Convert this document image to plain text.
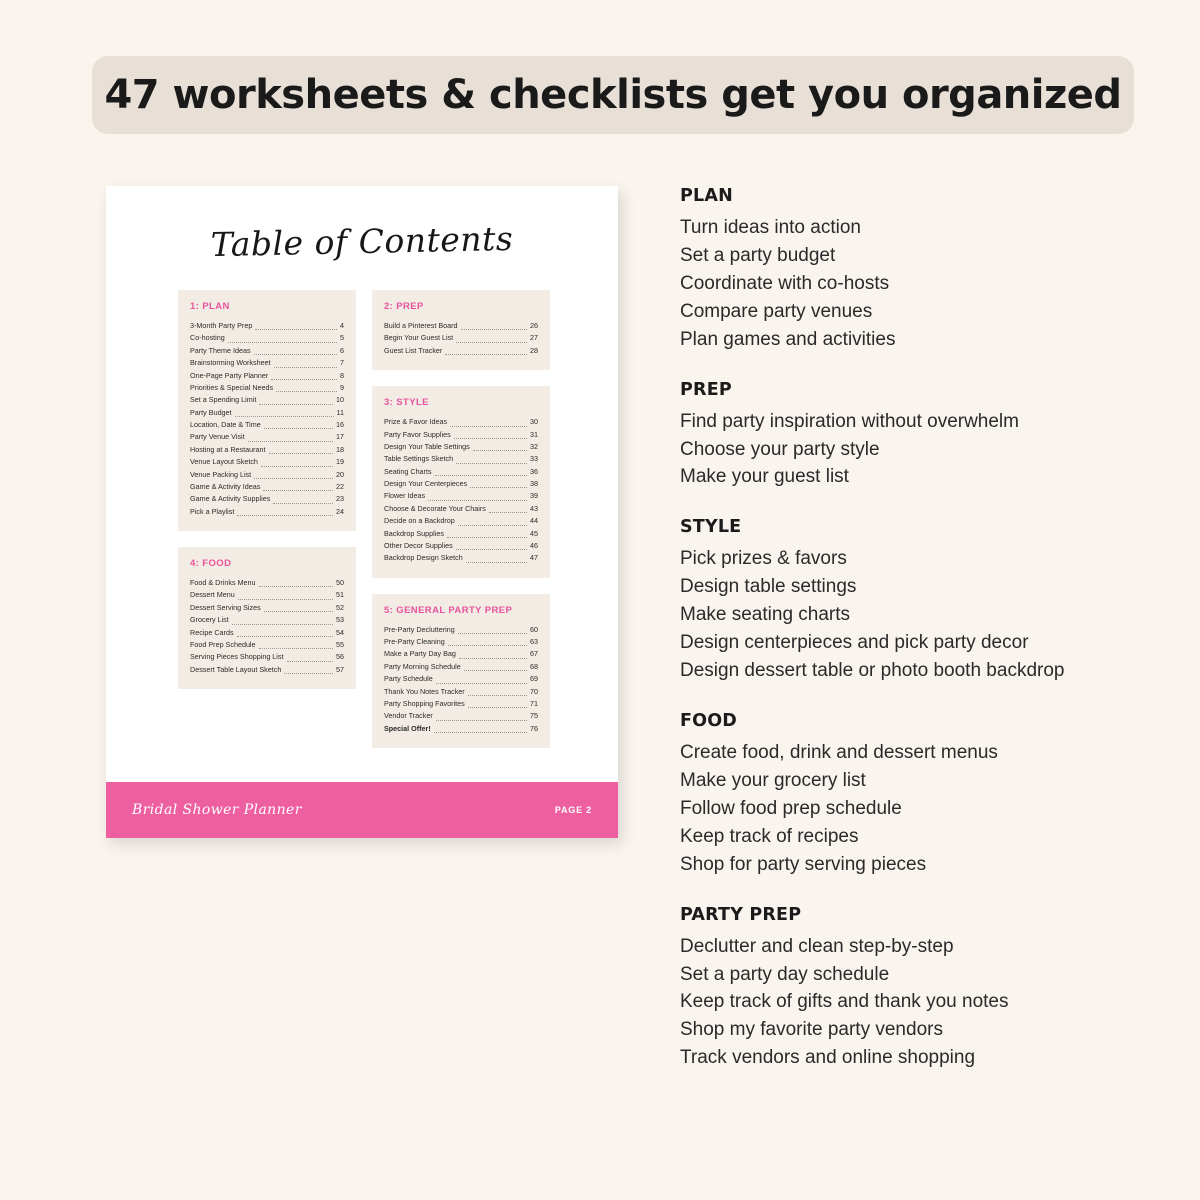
47 worksheets & checklists get you organized
Table of Contents
1: PLAN
3-Month Party Prep	4
Co-hosting	5
Party Theme Ideas	6
Brainstorming Worksheet	7
One-Page Party Planner	8
Priorities & Special Needs	9
Set a Spending Limit	10
Party Budget	11
Location, Date & Time	16
Party Venue Visit	17
Hosting at a Restaurant	18
Venue Layout Sketch	19
Venue Packing List	20
Game & Activity Ideas	22
Game & Activity Supplies	23
Pick a Playlist	24
4: FOOD
Food & Drinks Menu	50
Dessert Menu	51
Dessert Serving Sizes	52
Grocery List	53
Recipe Cards	54
Food Prep Schedule	55
Serving Pieces Shopping List	56
Dessert Table Layout Sketch	57
2: PREP
Build a Pinterest Board	26
Begin Your Guest List	27
Guest List Tracker	28
3: STYLE
Prize & Favor Ideas	30
Party Favor Supplies	31
Design Your Table Settings	32
Table Settings Sketch	33
Seating Charts	36
Design Your Centerpieces	38
Flower Ideas	39
Choose & Decorate Your Chairs	43
Decide on a Backdrop	44
Backdrop Supplies	45
Other Decor Supplies	46
Backdrop Design Sketch	47
5: GENERAL PARTY PREP
Pre-Party Decluttering	60
Pre-Party Cleaning	63
Make a Party Day Bag	67
Party Morning Schedule	68
Party Schedule	69
Thank You Notes Tracker	70
Party Shopping Favorites	71
Vendor Tracker	75
Special Offer!	76
Bridal Shower Planner	PAGE 2
PLAN
Turn ideas into action
Set a party budget
Coordinate with co-hosts
Compare party venues
Plan games and activities
PREP
Find party inspiration without overwhelm
Choose your party style
Make your guest list
STYLE
Pick prizes & favors
Design table settings
Make seating charts
Design centerpieces and pick party decor
Design dessert table or photo booth backdrop
FOOD
Create food, drink and dessert menus
Make your grocery list
Follow food prep schedule
Keep track of recipes
Shop for party serving pieces
PARTY PREP
Declutter and clean step-by-step
Set a party day schedule
Keep track of gifts and thank you notes
Shop my favorite party vendors
Track vendors and online shopping
